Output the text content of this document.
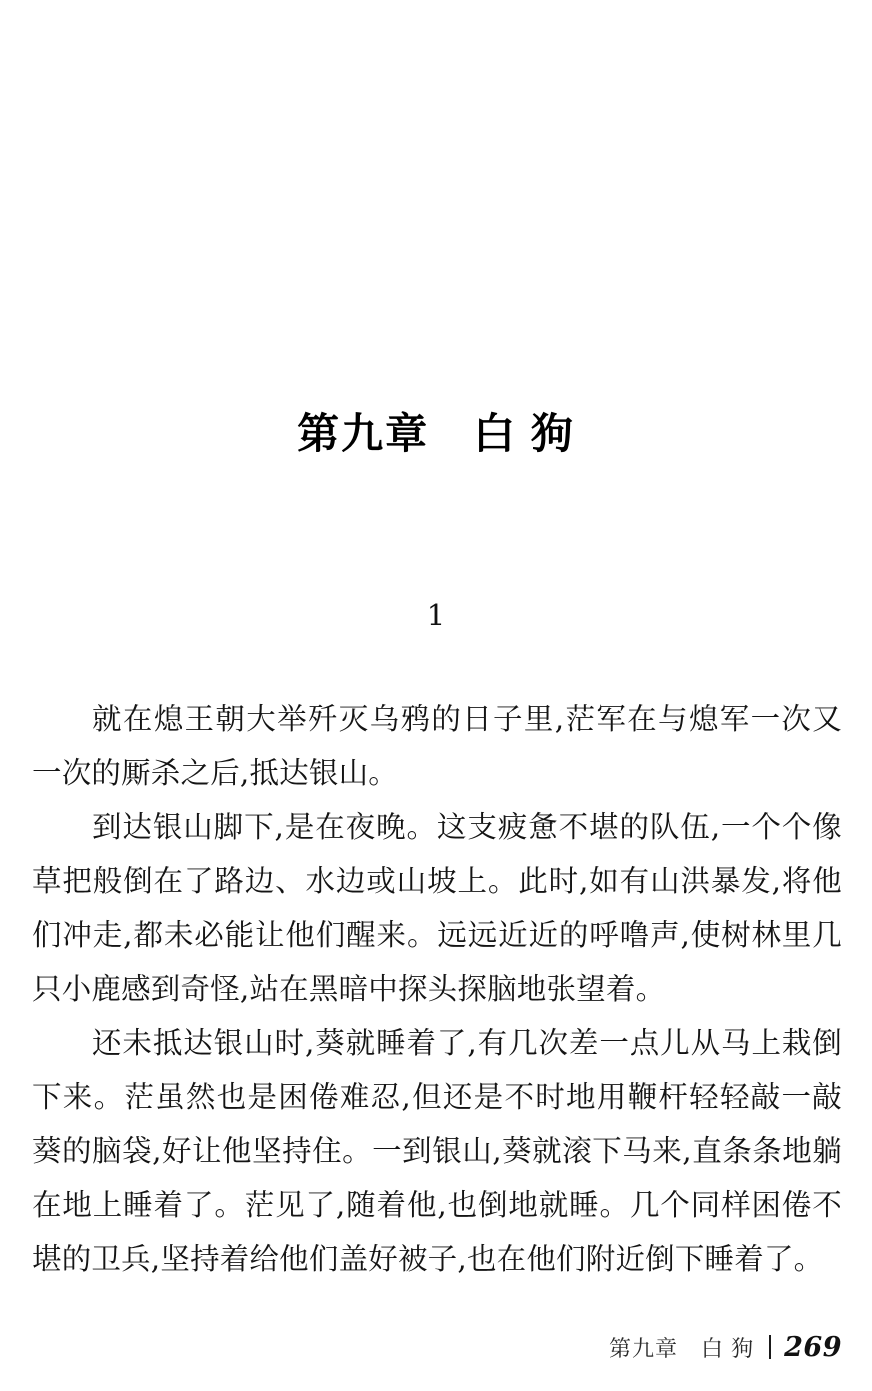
第九章　白 狗
1

就在熄王朝大举歼灭乌鸦的日子里,茫军在与熄军一次又一次的厮杀之后,抵达银山。

到达银山脚下,是在夜晚。这支疲惫不堪的队伍,一个个像草把般倒在了路边、水边或山坡上。此时,如有山洪暴发,将他们冲走,都未必能让他们醒来。远远近近的呼噜声,使树林里几只小鹿感到奇怪,站在黑暗中探头探脑地张望着。

还未抵达银山时,葵就睡着了,有几次差一点儿从马上栽倒下来。茫虽然也是困倦难忍,但还是不时地用鞭杆轻轻敲一敲葵的脑袋,好让他坚持住。一到银山,葵就滚下马来,直条条地躺在地上睡着了。茫见了,随着他,也倒地就睡。几个同样困倦不堪的卫兵,坚持着给他们盖好被子,也在他们附近倒下睡着了。

第九章　白 狗 269
